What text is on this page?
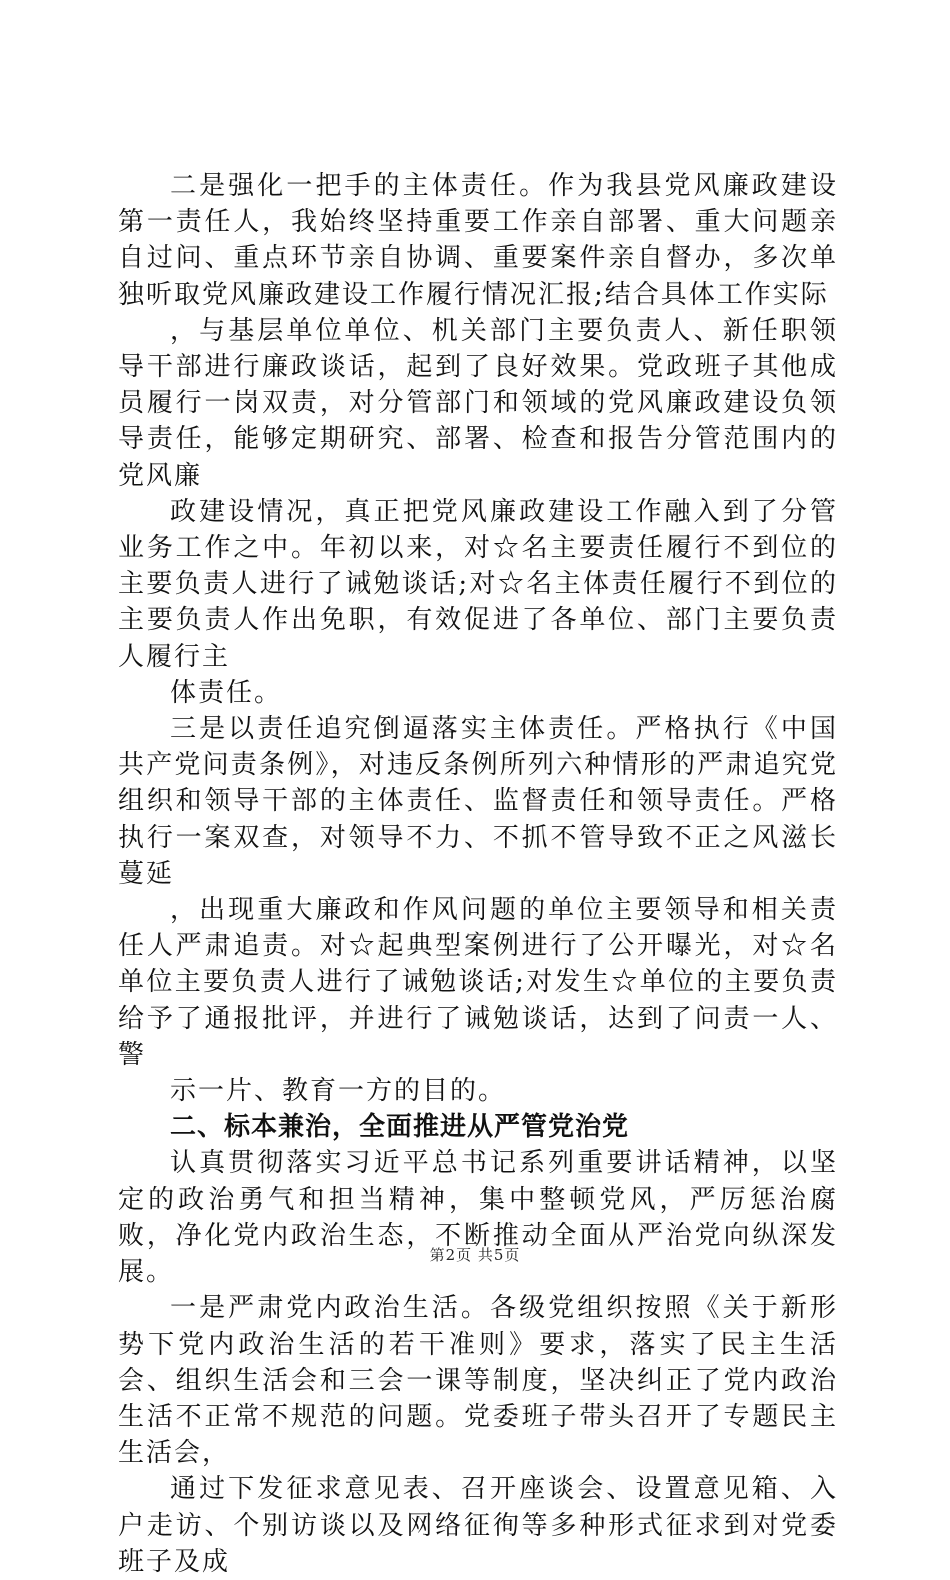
二是强化一把手的主体责任。作为我县党风廉政建设第一责任人，我始终坚持重要工作亲自部署、重大问题亲自过问、重点环节亲自协调、重要案件亲自督办，多次单独听取党风廉政建设工作履行情况汇报;结合具体工作实际

，与基层单位单位、机关部门主要负责人、新任职领导干部进行廉政谈话，起到了良好效果。党政班子其他成员履行一岗双责，对分管部门和领域的党风廉政建设负领导责任，能够定期研究、部署、检查和报告分管范围内的党风廉

政建设情况，真正把党风廉政建设工作融入到了分管业务工作之中。年初以来，对☆名主要责任履行不到位的主要负责人进行了诫勉谈话;对☆名主体责任履行不到位的主要负责人作出免职，有效促进了各单位、部门主要负责人履行主

体责任。

三是以责任追究倒逼落实主体责任。严格执行《中国共产党问责条例》，对违反条例所列六种情形的严肃追究党组织和领导干部的主体责任、监督责任和领导责任。严格执行一案双查，对领导不力、不抓不管导致不正之风滋长蔓延

，出现重大廉政和作风问题的单位主要领导和相关责任人严肃追责。对☆起典型案例进行了公开曝光，对☆名单位主要负责人进行了诫勉谈话;对发生☆单位的主要负责给予了通报批评，并进行了诫勉谈话，达到了问责一人、警

示一片、教育一方的目的。

二、标本兼治，全面推进从严管党治党

认真贯彻落实习近平总书记系列重要讲话精神，以坚定的政治勇气和担当精神，集中整顿党风，严厉惩治腐败，净化党内政治生态，不断推动全面从严治党向纵深发展。

一是严肃党内政治生活。各级党组织按照《关于新形势下党内政治生活的若干准则》要求，落实了民主生活会、组织生活会和三会一课等制度，坚决纠正了党内政治生活不正常不规范的问题。党委班子带头召开了专题民主生活会，

通过下发征求意见表、召开座谈会、设置意见箱、入户走访、个别访谈以及网络征徇等多种形式征求到对党委班子及成

第2页 共5页
